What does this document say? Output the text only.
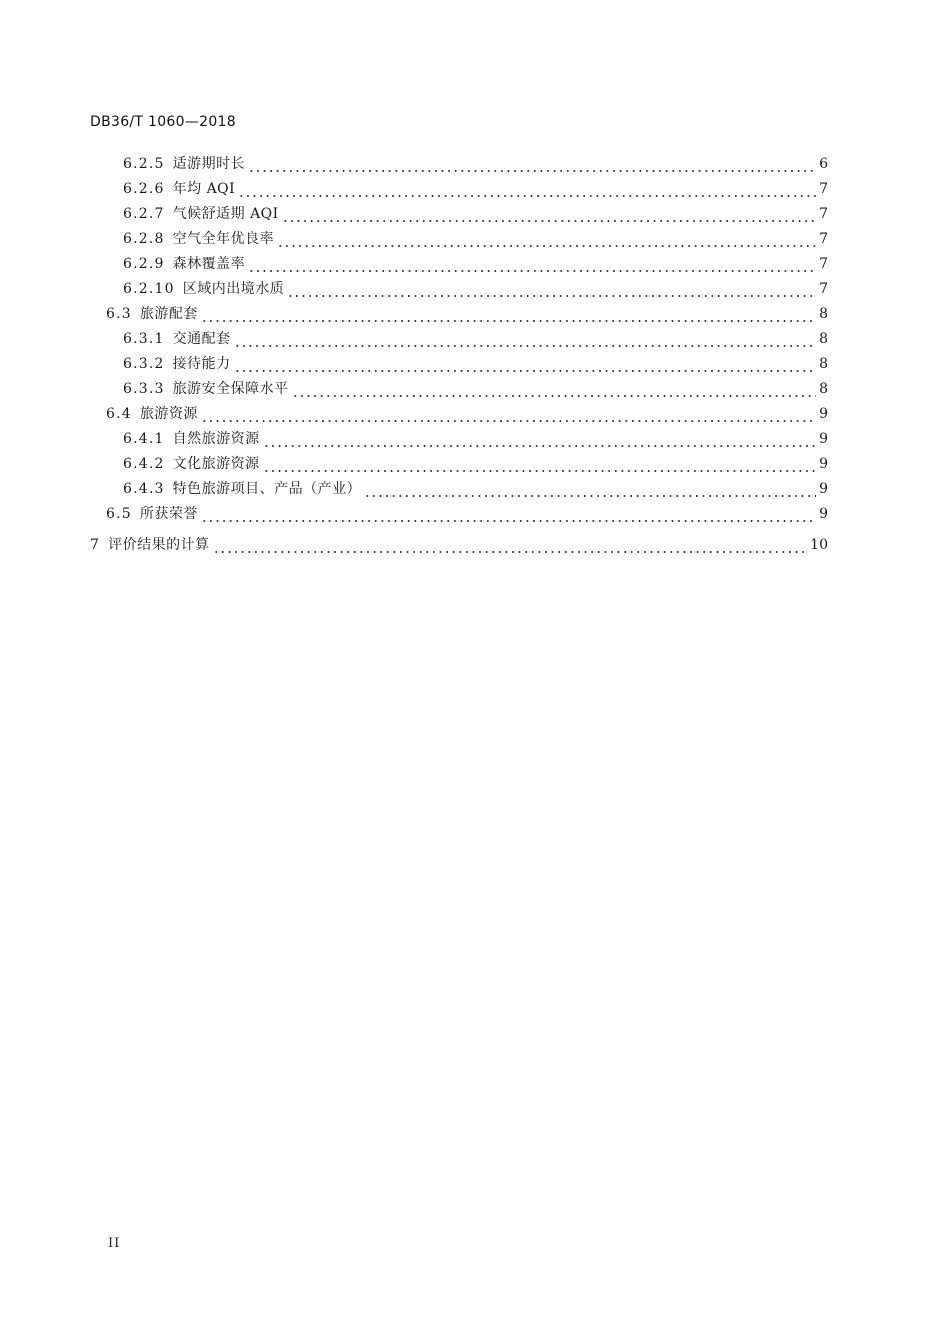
DB36/T 1060—2018
6.2.5 适游期时长	6
6.2.6 年均 AQI	7
6.2.7 气候舒适期 AQI	7
6.2.8 空气全年优良率	7
6.2.9 森林覆盖率	7
6.2.10 区域内出境水质	7
6.3 旅游配套	8
6.3.1 交通配套	8
6.3.2 接待能力	8
6.3.3 旅游安全保障水平	8
6.4 旅游资源	9
6.4.1 自然旅游资源	9
6.4.2 文化旅游资源	9
6.4.3 特色旅游项目、产品（产业）	9
6.5 所获荣誉	9
7 评价结果的计算	10
II
